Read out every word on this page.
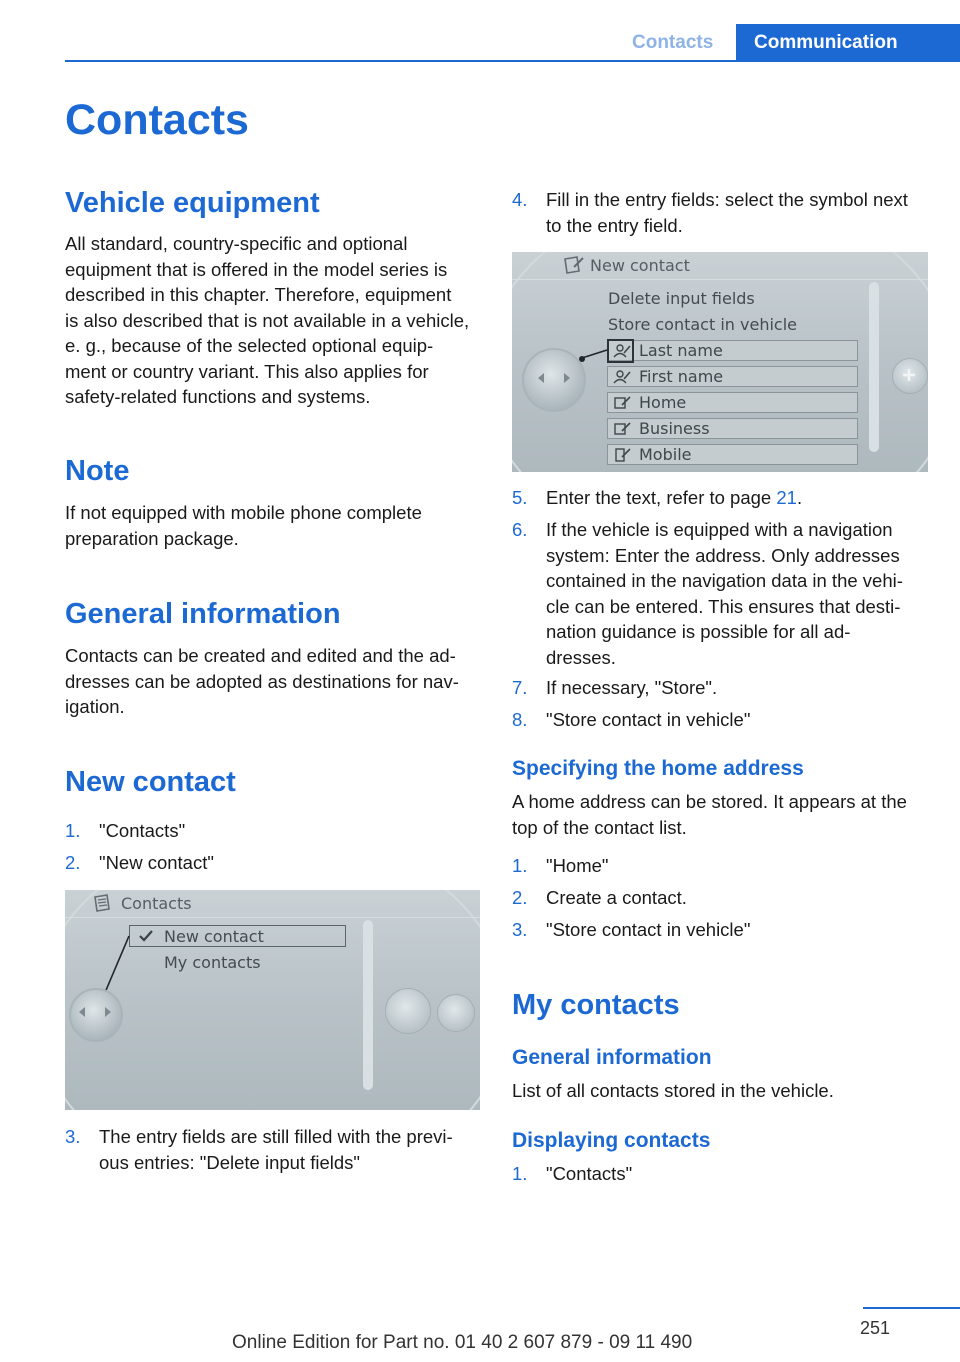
Contacts	Communication
Contacts
Vehicle equipment
All standard, country-specific and optional
equipment that is offered in the model series is
described in this chapter. Therefore, equipment
is also described that is not available in a vehicle,
e. g., because of the selected optional equip-
ment or country variant. This also applies for
safety-related functions and systems.
Note
If not equipped with mobile phone complete
preparation package.
General information
Contacts can be created and edited and the ad-
dresses can be adopted as destinations for nav-
igation.
New contact
1. "Contacts"
2. "New contact"
Contacts
New contact
My contacts
3. The entry fields are still filled with the previ-
ous entries: "Delete input fields"
4. Fill in the entry fields: select the symbol next
to the entry field.
New contact
Delete input fields
Store contact in vehicle
Last name
First name
Home
Business
Mobile
5. Enter the text, refer to page 21.
6. If the vehicle is equipped with a navigation
system: Enter the address. Only addresses
contained in the navigation data in the vehi-
cle can be entered. This ensures that desti-
nation guidance is possible for all ad-
dresses.
7. If necessary, "Store".
8. "Store contact in vehicle"
Specifying the home address
A home address can be stored. It appears at the
top of the contact list.
1. "Home"
2. Create a contact.
3. "Store contact in vehicle"
My contacts
General information
List of all contacts stored in the vehicle.
Displaying contacts
1. "Contacts"
251
Online Edition for Part no. 01 40 2 607 879 - 09 11 490
